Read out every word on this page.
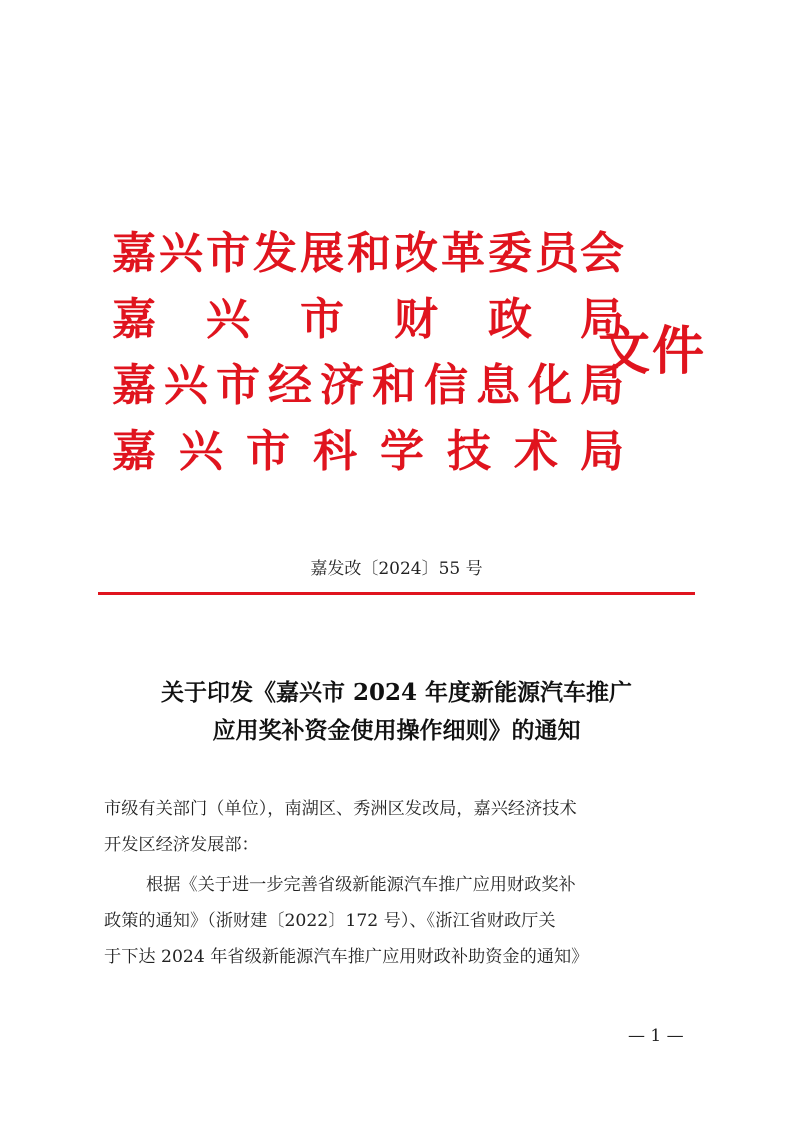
嘉 兴 市 发 展 和 改 革 委 员 会
嘉 兴 市 财 政 局
嘉 兴 市 经 济 和 信 息 化 局
嘉 兴 市 科 学 技 术 局
文件
嘉发改〔2024〕55 号
关于印发《嘉兴市 2024 年度新能源汽车推广
应用奖补资金使用操作细则》的通知
市级有关部门（单位），南湖区、秀洲区发改局，嘉兴经济技术
开发区经济发展部：
根据《关于进一步完善省级新能源汽车推广应用财政奖补
政策的通知》（浙财建〔2022〕172 号）、《浙江省财政厅关
于下达 2024 年省级新能源汽车推广应用财政补助资金的通知》
— 1 —
